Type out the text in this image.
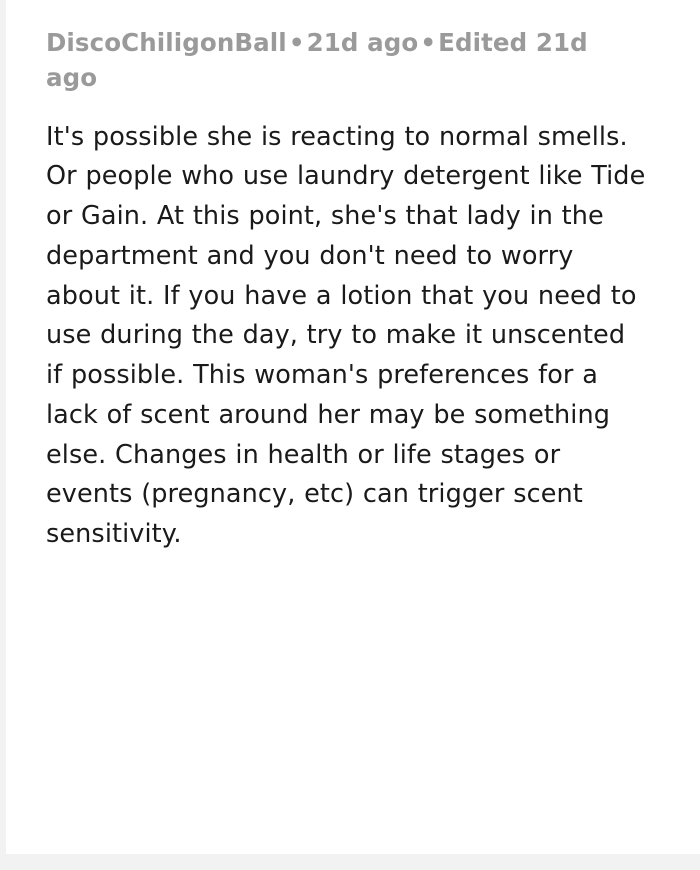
DiscoChiligonBall•21d ago•Edited 21d ago

It's possible she is reacting to normal smells. Or people who use laundry detergent like Tide or Gain. At this point, she's that lady in the department and you don't need to worry about it. If you have a lotion that you need to use during the day, try to make it unscented if possible. This woman's preferences for a lack of scent around her may be something else. Changes in health or life stages or events (pregnancy, etc) can trigger scent sensitivity.
